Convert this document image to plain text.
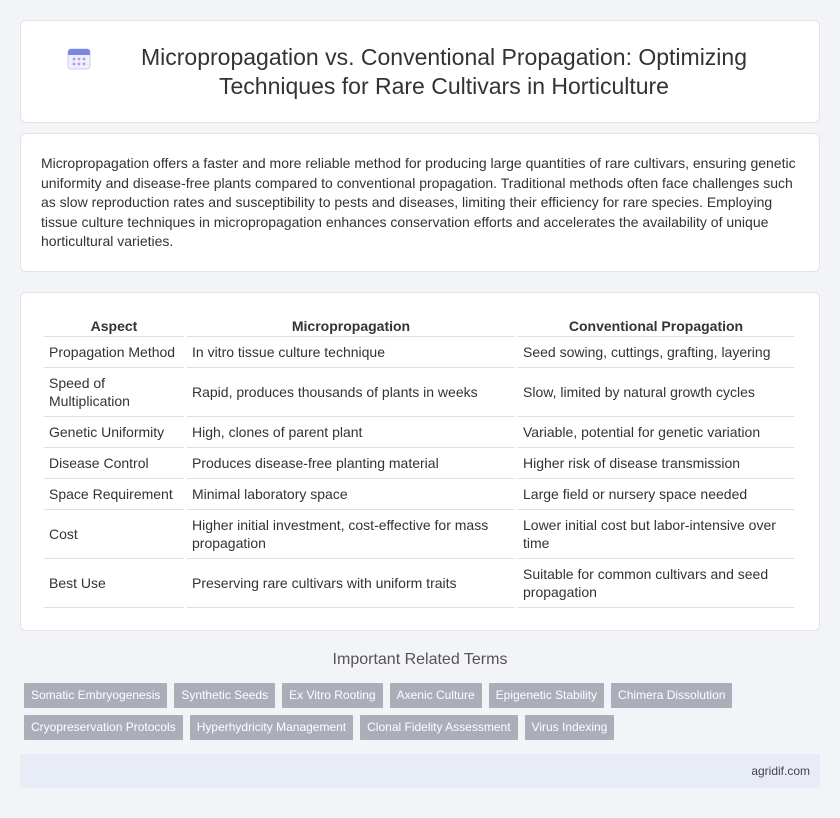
Micropropagation vs. Conventional Propagation: Optimizing Techniques for Rare Cultivars in Horticulture

Micropropagation offers a faster and more reliable method for producing large quantities of rare cultivars, ensuring genetic uniformity and disease-free plants compared to conventional propagation. Traditional methods often face challenges such as slow reproduction rates and susceptibility to pests and diseases, limiting their efficiency for rare species. Employing tissue culture techniques in micropropagation enhances conservation efforts and accelerates the availability of unique horticultural varieties.

Aspect	Micropropagation	Conventional Propagation
Propagation Method	In vitro tissue culture technique	Seed sowing, cuttings, grafting, layering
Speed of Multiplication	Rapid, produces thousands of plants in weeks	Slow, limited by natural growth cycles
Genetic Uniformity	High, clones of parent plant	Variable, potential for genetic variation
Disease Control	Produces disease-free planting material	Higher risk of disease transmission
Space Requirement	Minimal laboratory space	Large field or nursery space needed
Cost	Higher initial investment, cost-effective for mass propagation	Lower initial cost but labor-intensive over time
Best Use	Preserving rare cultivars with uniform traits	Suitable for common cultivars and seed propagation
Important Related Terms
Somatic Embryogenesis	Synthetic Seeds	Ex Vitro Rooting	Axenic Culture	Epigenetic Stability	Chimera Dissolution
Cryopreservation Protocols	Hyperhydricity Management	Clonal Fidelity Assessment	Virus Indexing
agridif.com
